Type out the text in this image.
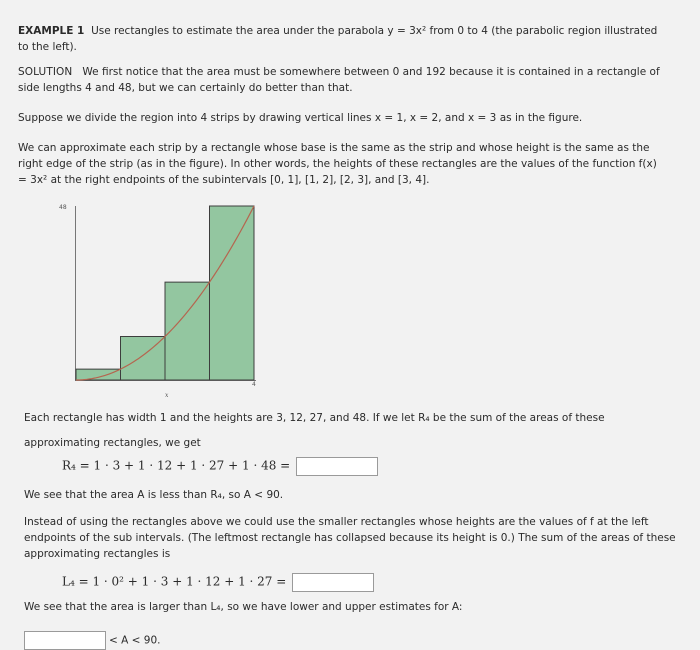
EXAMPLE 1 Use rectangles to estimate the area under the parabola y = 3x² from 0 to 4 (the parabolic region illustrated
to the left).
SOLUTION We first notice that the area must be somewhere between 0 and 192 because it is contained in a rectangle of
side lengths 4 and 48, but we can certainly do better than that.
Suppose we divide the region into 4 strips by drawing vertical lines x = 1, x = 2, and x = 3 as in the figure.
We can approximate each strip by a rectangle whose base is the same as the strip and whose height is the same as the
right edge of the strip (as in the figure). In other words, the heights of these rectangles are the values of the function f(x)
= 3x² at the right endpoints of the subintervals [0, 1], [1, 2], [2, 3], and [3, 4].
48
4
x
Each rectangle has width 1 and the heights are 3, 12, 27, and 48. If we let R₄ be the sum of the areas of these
approximating rectangles, we get
R₄ = 1 · 3 + 1 · 12 + 1 · 27 + 1 · 48 =
We see that the area A is less than R₄, so A < 90.
Instead of using the rectangles above we could use the smaller rectangles whose heights are the values of f at the left
endpoints of the sub intervals. (The leftmost rectangle has collapsed because its height is 0.) The sum of the areas of these
approximating rectangles is
L₄ = 1 · 0² + 1 · 3 + 1 · 12 + 1 · 27 =
We see that the area is larger than L₄, so we have lower and upper estimates for A:
< A < 90.
